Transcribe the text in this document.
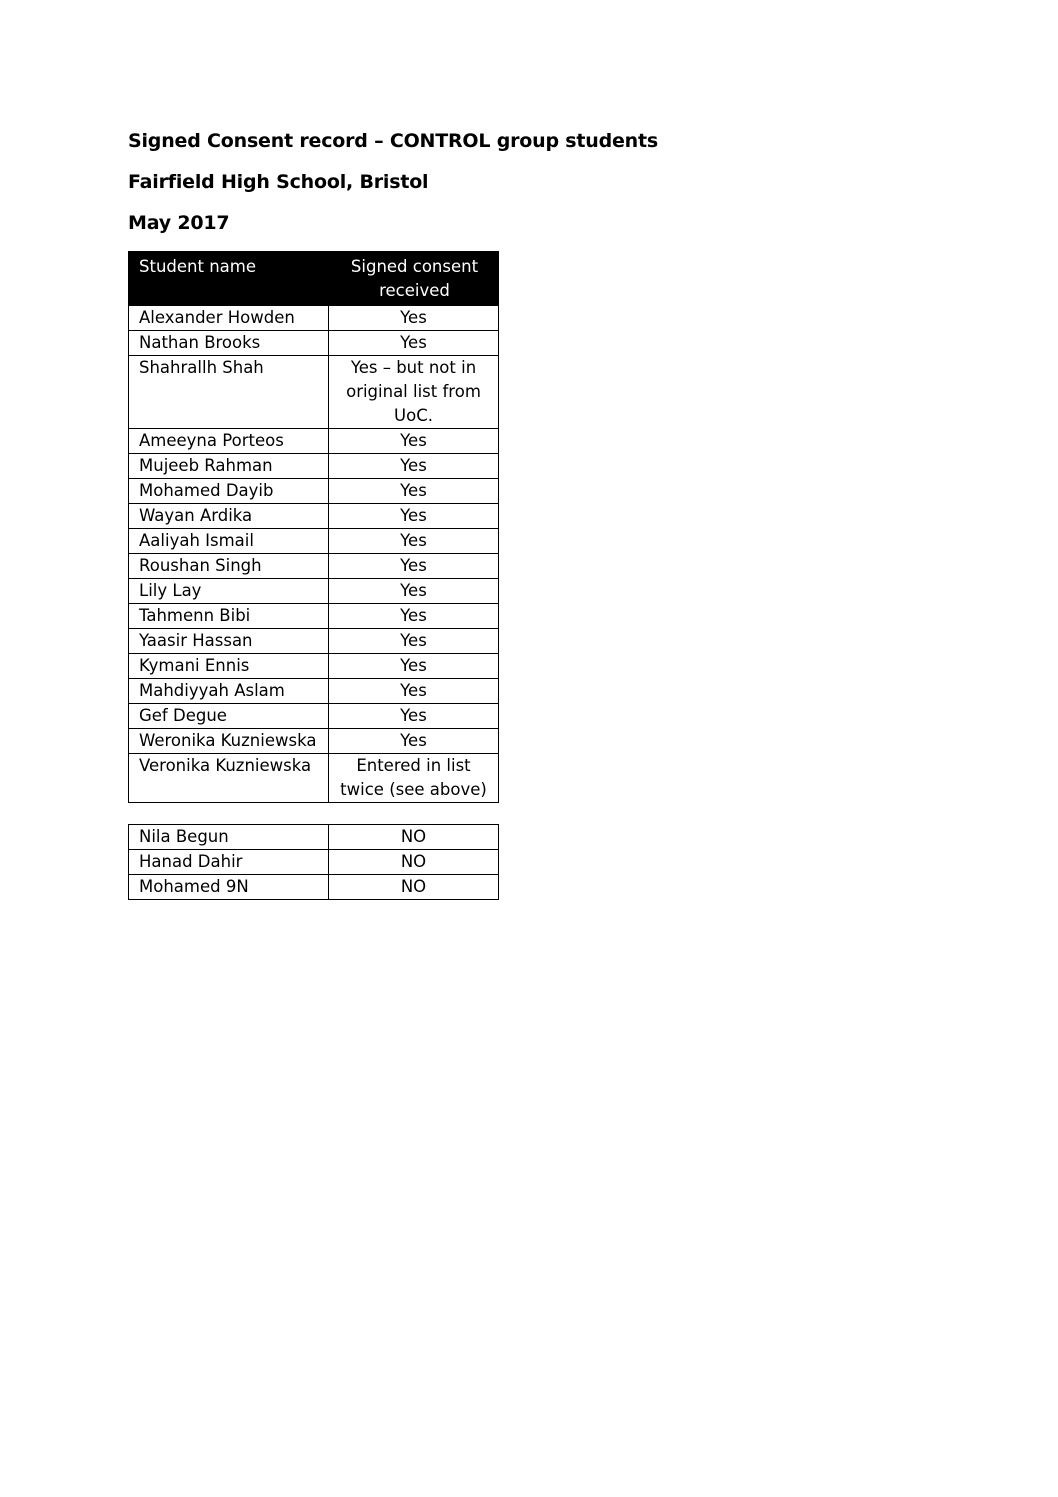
Signed Consent record – CONTROL group students
Fairfield High School, Bristol
May 2017
Student name	Signed consent received
Alexander Howden	Yes
Nathan Brooks	Yes
Shahrallh Shah	Yes – but not in original list from UoC.
Ameeyna Porteos	Yes
Mujeeb Rahman	Yes
Mohamed Dayib	Yes
Wayan Ardika	Yes
Aaliyah Ismail	Yes
Roushan Singh	Yes
Lily Lay	Yes
Tahmenn Bibi	Yes
Yaasir Hassan	Yes
Kymani Ennis	Yes
Mahdiyyah Aslam	Yes
Gef Degue	Yes
Weronika Kuzniewska	Yes
Veronika Kuzniewska	Entered in list twice (see above)
Nila Begun	NO
Hanad Dahir	NO
Mohamed 9N	NO
